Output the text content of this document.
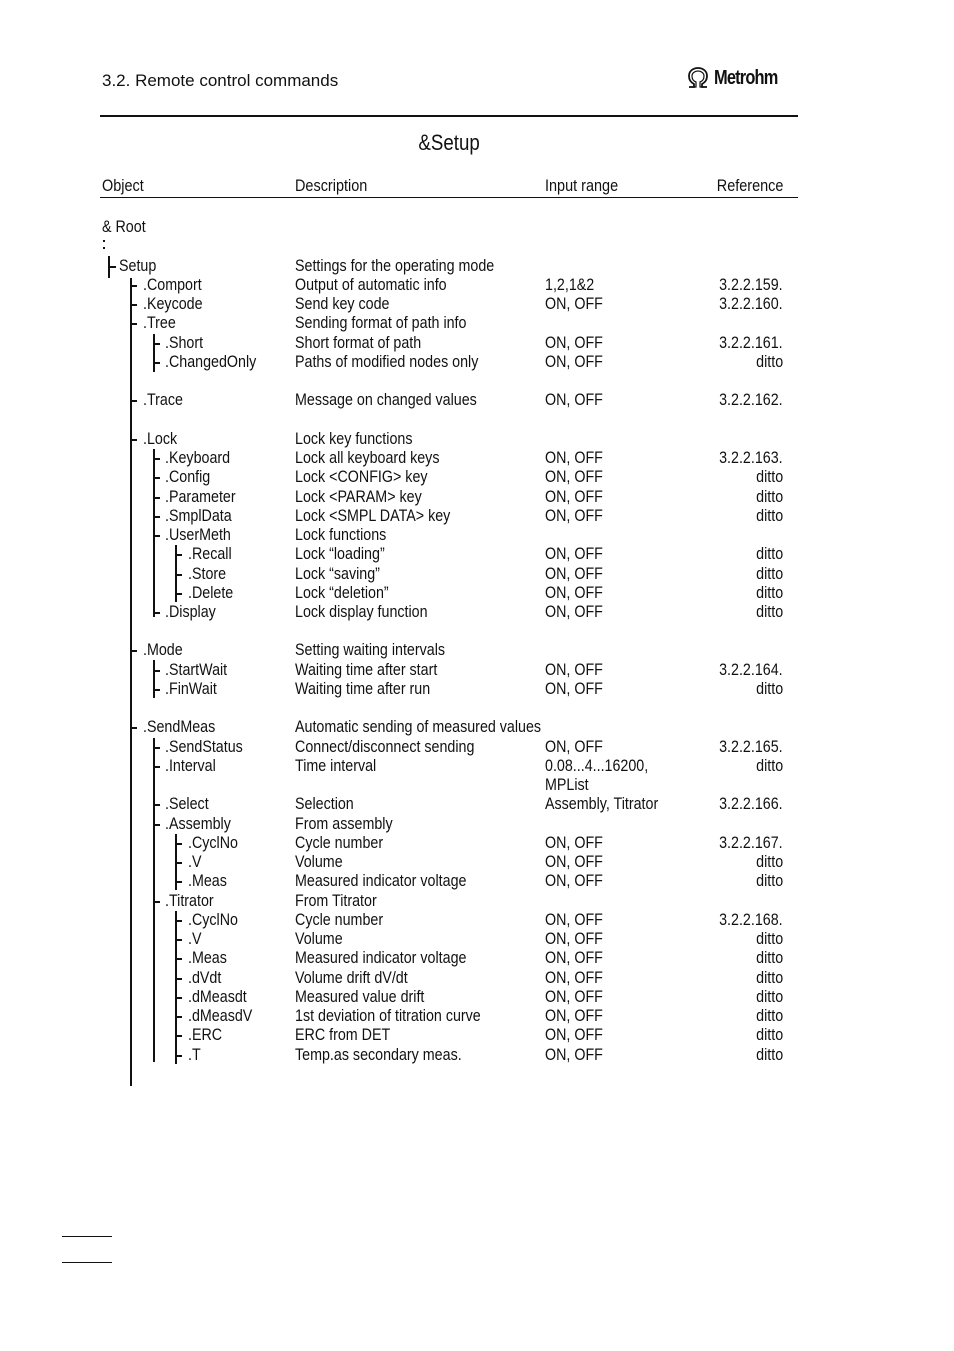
3.2. Remote control commands	Metrohm
&Setup
Object	Description	Input range	Reference
& Root
Setup	Settings for the operating mode
.Comport	Output of automatic info	1,2,1&2	3.2.2.159.
.Keycode	Send key code	ON, OFF	3.2.2.160.
.Tree	Sending format of path info
.Short	Short format of path	ON, OFF	3.2.2.161.
.ChangedOnly Paths of modified nodes only	ON, OFF	ditto
.Trace	Message on changed values	ON, OFF	3.2.2.162.
.Lock	Lock key functions
.Keyboard	Lock all keyboard keys	ON, OFF	3.2.2.163.
.Config	Lock <CONFIG> key	ON, OFF	ditto
.Parameter	Lock <PARAM> key	ON, OFF	ditto
.SmplData	Lock <SMPL DATA> key	ON, OFF	ditto
.UserMeth	Lock functions
.Recall	Lock “loading”	ON, OFF	ditto
.Store	Lock “saving”	ON, OFF	ditto
.Delete	Lock “deletion”	ON, OFF	ditto
.Display	Lock display function	ON, OFF	ditto
.Mode	Setting waiting intervals
.StartWait	Waiting time after start	ON, OFF	3.2.2.164.
.FinWait	Waiting time after run	ON, OFF	ditto
.SendMeas	Automatic sending of measured values
.SendStatus	Connect/disconnect sending	ON, OFF	3.2.2.165.
.Interval	Time interval	0.08...4...16200,	ditto
MPList
.Select	Selection	Assembly, Titrator	3.2.2.166.
.Assembly	From assembly
.CyclNo	Cycle number	ON, OFF	3.2.2.167.
.V	Volume	ON, OFF	ditto
.Meas	Measured indicator voltage	ON, OFF	ditto
.Titrator	From Titrator
.CyclNo	Cycle number	ON, OFF	3.2.2.168.
.V	Volume	ON, OFF	ditto
.Meas	Measured indicator voltage	ON, OFF	ditto
.dVdt	Volume drift dV/dt	ON, OFF	ditto
.dMeasdt	Measured value drift	ON, OFF	ditto
.dMeasdV	1st deviation of titration curve	ON, OFF	ditto
.ERC	ERC from DET	ON, OFF	ditto
.T	Temp.as secondary meas.	ON, OFF	ditto
